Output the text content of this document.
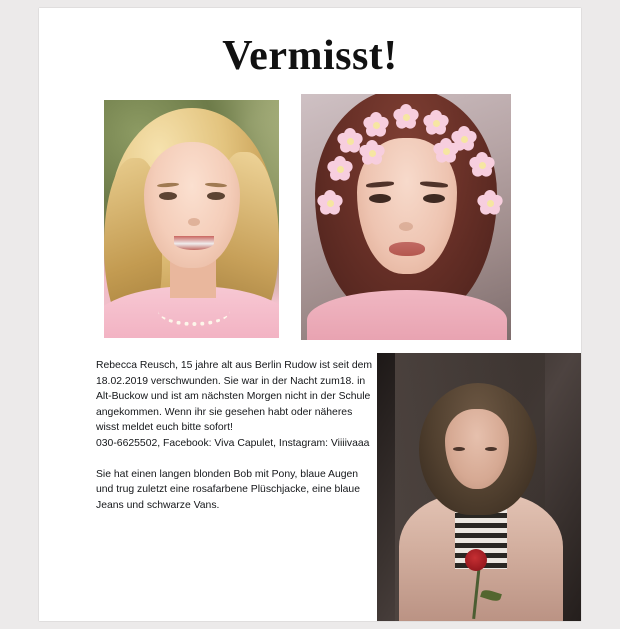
Vermisst!

Rebecca Reusch, 15 jahre alt aus Berlin Rudow ist seit dem 18.02.2019 verschwunden. Sie war in der Nacht zum18. in Alt-Buckow und ist am nächsten Morgen nicht in der Schule angekommen. Wenn ihr sie gesehen habt oder näheres wisst meldet euch bitte sofort!

030-6625502, Facebook: Viva Capulet, Instagram: Viiiivaaa

Sie hat einen langen blonden Bob mit Pony, blaue Augen und trug zuletzt eine rosafarbene Plüschjacke, eine blaue Jeans und schwarze Vans.
